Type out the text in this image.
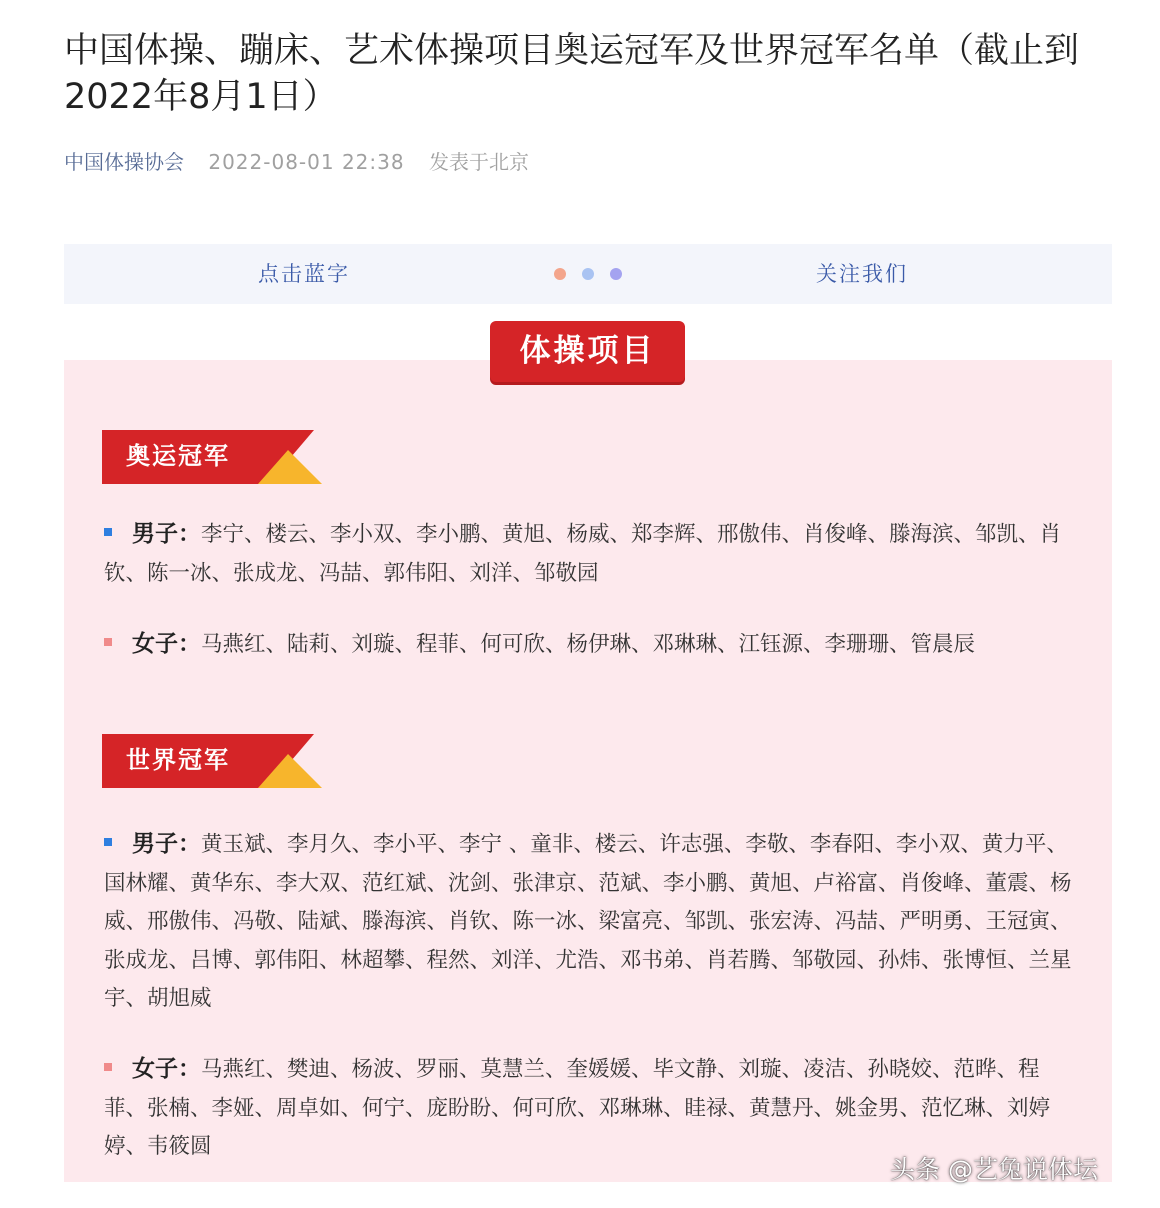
中国体操、蹦床、艺术体操项目奥运冠军及世界冠军名单（截止到2022年8月1日）
中国体操协会 2022-08-01 22:38 发表于北京
点击蓝字	关注我们
体操项目
奥运冠军

男子：李宁、楼云、李小双、李小鹏、黄旭、杨威、郑李辉、邢傲伟、肖俊峰、滕海滨、邹凯、肖钦、陈一冰、张成龙、冯喆、郭伟阳、刘洋、邹敬园

女子：马燕红、陆莉、刘璇、程菲、何可欣、杨伊琳、邓琳琳、江钰源、李珊珊、管晨辰

世界冠军

男子：黄玉斌、李月久、李小平、李宁 、童非、楼云、许志强、李敬、李春阳、李小双、黄力平、国林耀、黄华东、李大双、范红斌、沈剑、张津京、范斌、李小鹏、黄旭、卢裕富、肖俊峰、董震、杨威、邢傲伟、冯敬、陆斌、滕海滨、肖钦、陈一冰、梁富亮、邹凯、张宏涛、冯喆、严明勇、王冠寅、张成龙、吕博、郭伟阳、林超攀、程然、刘洋、尤浩、邓书弟、肖若腾、邹敬园、孙炜、张博恒、兰星宇、胡旭威

女子：马燕红、樊迪、杨波、罗丽、莫慧兰、奎媛媛、毕文静、刘璇、凌洁、孙晓姣、范晔、程菲、张楠、李娅、周卓如、何宁、庞盼盼、何可欣、邓琳琳、眭禄、黄慧丹、姚金男、范忆琳、刘婷婷、韦筱圆

头条 @艺兔说体坛
